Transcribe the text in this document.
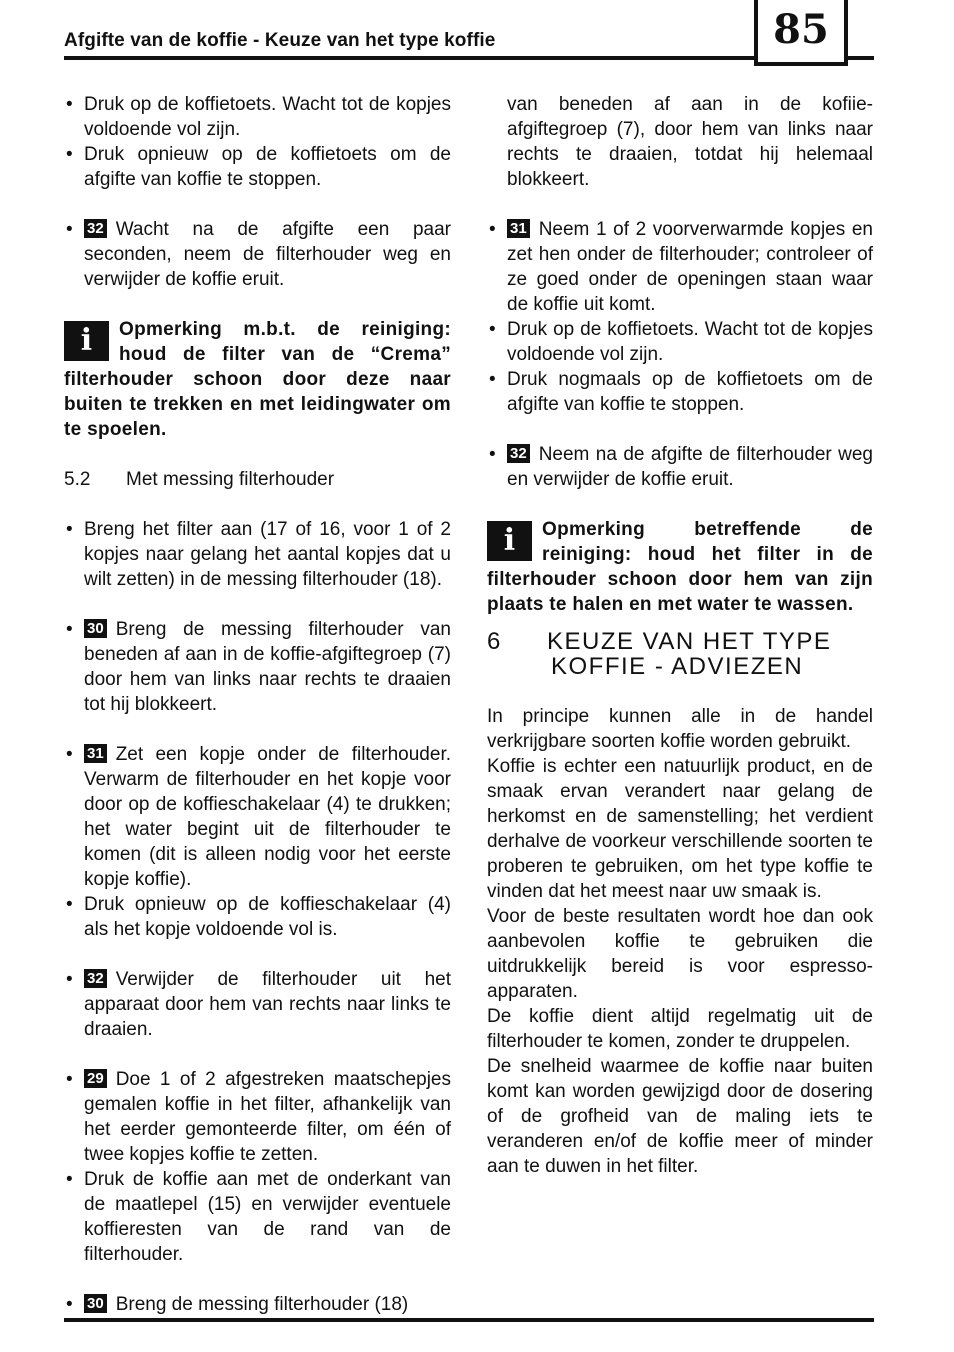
Afgifte van de koffie - Keuze van het type koffie	85

• Druk op de koffietoets. Wacht tot de kopjes voldoende vol zijn.

• Druk opnieuw op de koffietoets om de afgifte van koffie te stoppen.

• 32 Wacht na de afgifte een paar seconden, neem de filterhouder weg en verwijder de koffie eruit.

i	Opmerking m.b.t. de reiniging: houd de filter van de “Crema” filterhouder schoon door deze naar buiten te trekken en met leidingwater om te spoelen.

5.2 Met messing filterhouder

• Breng het filter aan (17 of 16, voor 1 of 2 kopjes naar gelang het aantal kopjes dat u wilt zetten) in de messing filterhouder (18).

• 30 Breng de messing filterhouder van beneden af aan in de koffie-afgiftegroep (7) door hem van links naar rechts te draaien tot hij blokkeert.

• 31 Zet een kopje onder de filterhouder. Verwarm de filterhouder en het kopje voor door op de koffieschakelaar (4) te drukken; het water begint uit de filterhouder te komen (dit is alleen nodig voor het eerste kopje koffie).

• Druk opnieuw op de koffieschakelaar (4) als het kopje voldoende vol is.

• 32 Verwijder de filterhouder uit het apparaat door hem van rechts naar links te draaien.

• 29 Doe 1 of 2 afgestreken maatschepjes gemalen koffie in het filter, afhankelijk van het eerder gemonteerde filter, om één of twee kopjes koffie te zetten.

• Druk de koffie aan met de onderkant van de maatlepel (15) en verwijder eventuele koffieresten van de rand van de filterhouder.

• 30 Breng de messing filterhouder (18)

van beneden af aan in de kofiie-afgiftegroep (7), door hem van links naar rechts te draaien, totdat hij helemaal blokkeert.

• 31 Neem 1 of 2 voorverwarmde kopjes en zet hen onder de filterhouder; controleer of ze goed onder de openingen staan waar de koffie uit komt.

• Druk op de koffietoets. Wacht tot de kopjes voldoende vol zijn.

• Druk nogmaals op de koffietoets om de afgifte van koffie te stoppen.

• 32 Neem na de afgifte de filterhouder weg en verwijder de koffie eruit.

i	Opmerking betreffende de reiniging: houd het filter in de filterhouder schoon door hem van zijn plaats te halen en met water te wassen.

6 KEUZE VAN HET TYPE
KOFFIE - ADVIEZEN

In principe kunnen alle in de handel verkrijgbare soorten koffie worden gebruikt.

Koffie is echter een natuurlijk product, en de smaak ervan verandert naar gelang de herkomst en de samenstelling; het verdient derhalve de voorkeur verschillende soorten te proberen te gebruiken, om het type koffie te vinden dat het meest naar uw smaak is.

Voor de beste resultaten wordt hoe dan ook aanbevolen koffie te gebruiken die uitdrukkelijk bereid is voor espresso-apparaten.

De koffie dient altijd regelmatig uit de filterhouder te komen, zonder te druppelen.

De snelheid waarmee de koffie naar buiten komt kan worden gewijzigd door de dosering of de grofheid van de maling iets te veranderen en/of de koffie meer of minder aan te duwen in het filter.
